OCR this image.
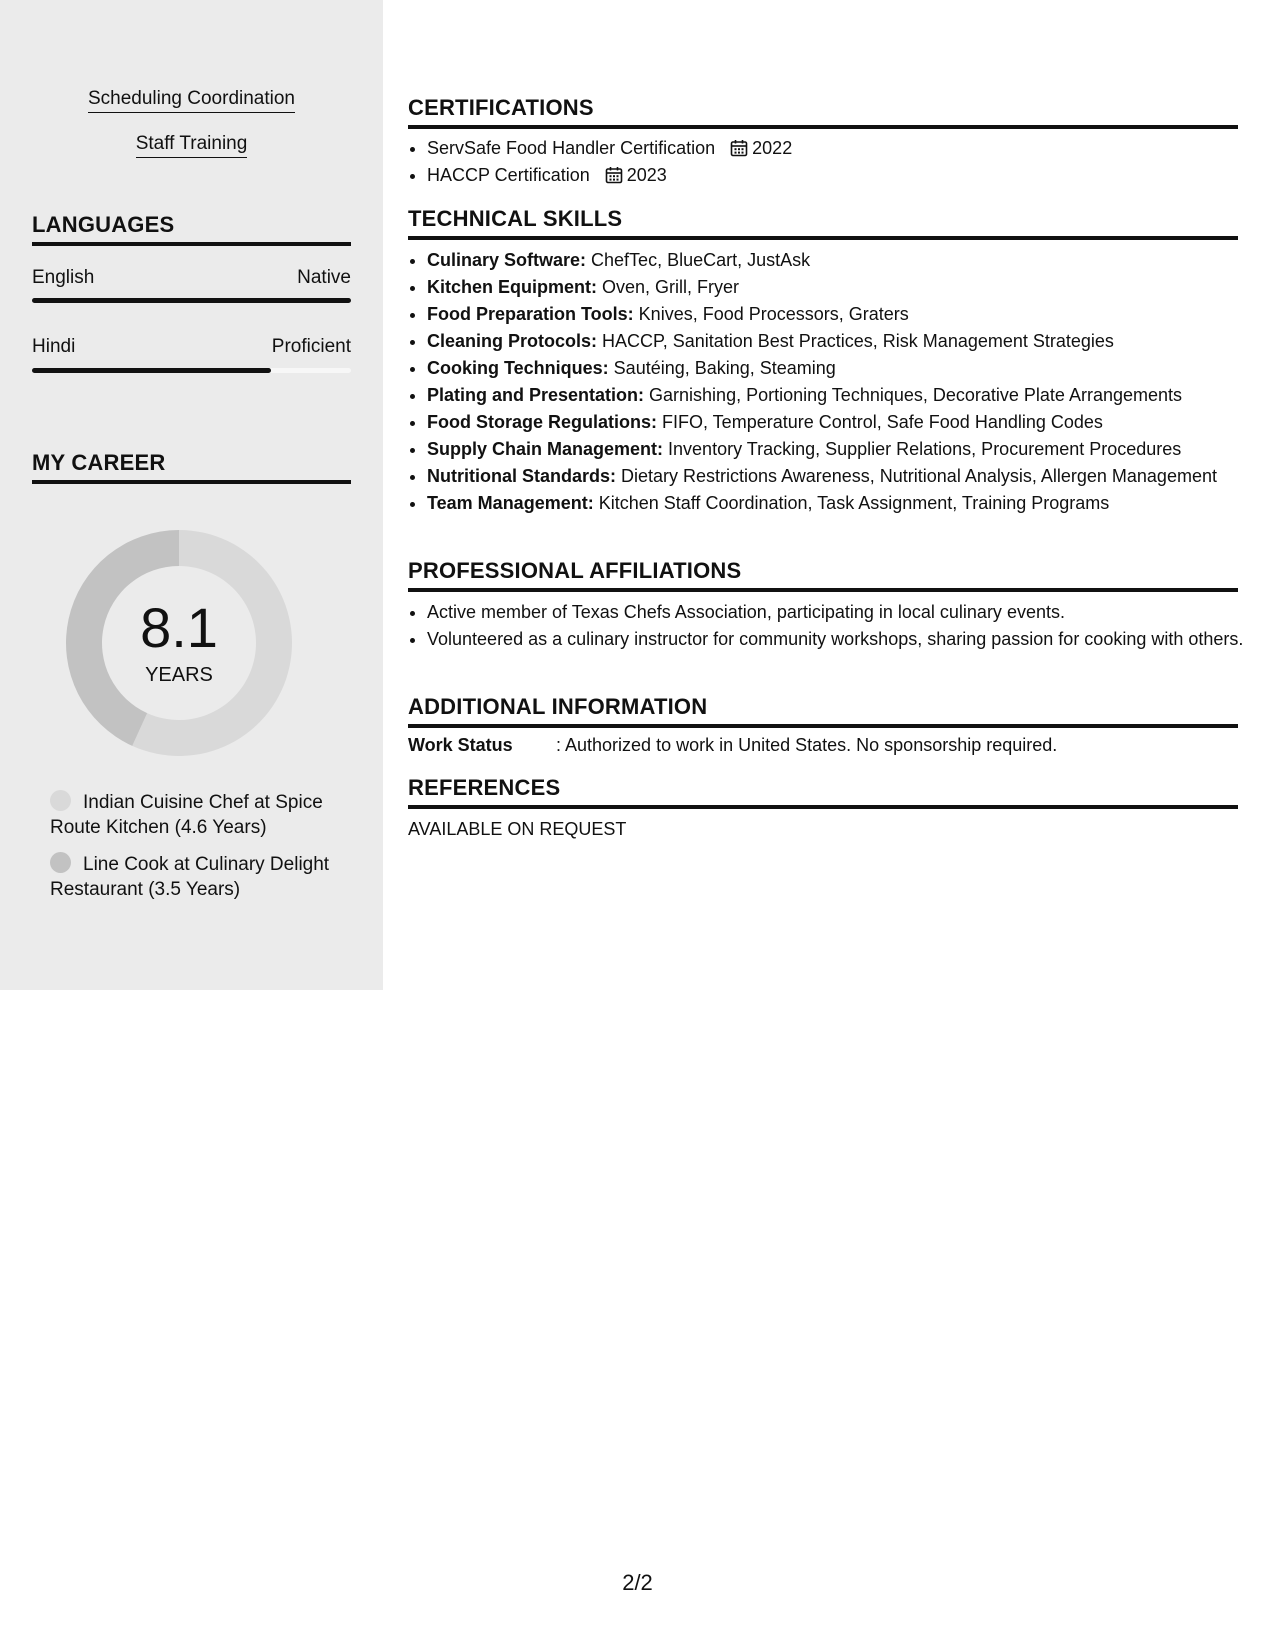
Scheduling Coordination
Staff Training
LANGUAGES
English	Native
Hindi	Proficient
MY CAREER
8.1
YEARS
Indian Cuisine Chef at Spice Route Kitchen (4.6 Years)
Line Cook at Culinary Delight Restaurant (3.5 Years)
CERTIFICATIONS
• ServSafe Food Handler Certification 2022
• HACCP Certification 2023
TECHNICAL SKILLS
• Culinary Software: ChefTec, BlueCart, JustAsk
• Kitchen Equipment: Oven, Grill, Fryer
• Food Preparation Tools: Knives, Food Processors, Graters
• Cleaning Protocols: HACCP, Sanitation Best Practices, Risk Management Strategies
• Cooking Techniques: Sautéing, Baking, Steaming
• Plating and Presentation: Garnishing, Portioning Techniques, Decorative Plate Arrangements
• Food Storage Regulations: FIFO, Temperature Control, Safe Food Handling Codes
• Supply Chain Management: Inventory Tracking, Supplier Relations, Procurement Procedures
• Nutritional Standards: Dietary Restrictions Awareness, Nutritional Analysis, Allergen Management
• Team Management: Kitchen Staff Coordination, Task Assignment, Training Programs
PROFESSIONAL AFFILIATIONS
• Active member of Texas Chefs Association, participating in local culinary events.
• Volunteered as a culinary instructor for community workshops, sharing passion for cooking with others.
ADDITIONAL INFORMATION
Work Status : Authorized to work in United States. No sponsorship required.
REFERENCES
AVAILABLE ON REQUEST
2/2
